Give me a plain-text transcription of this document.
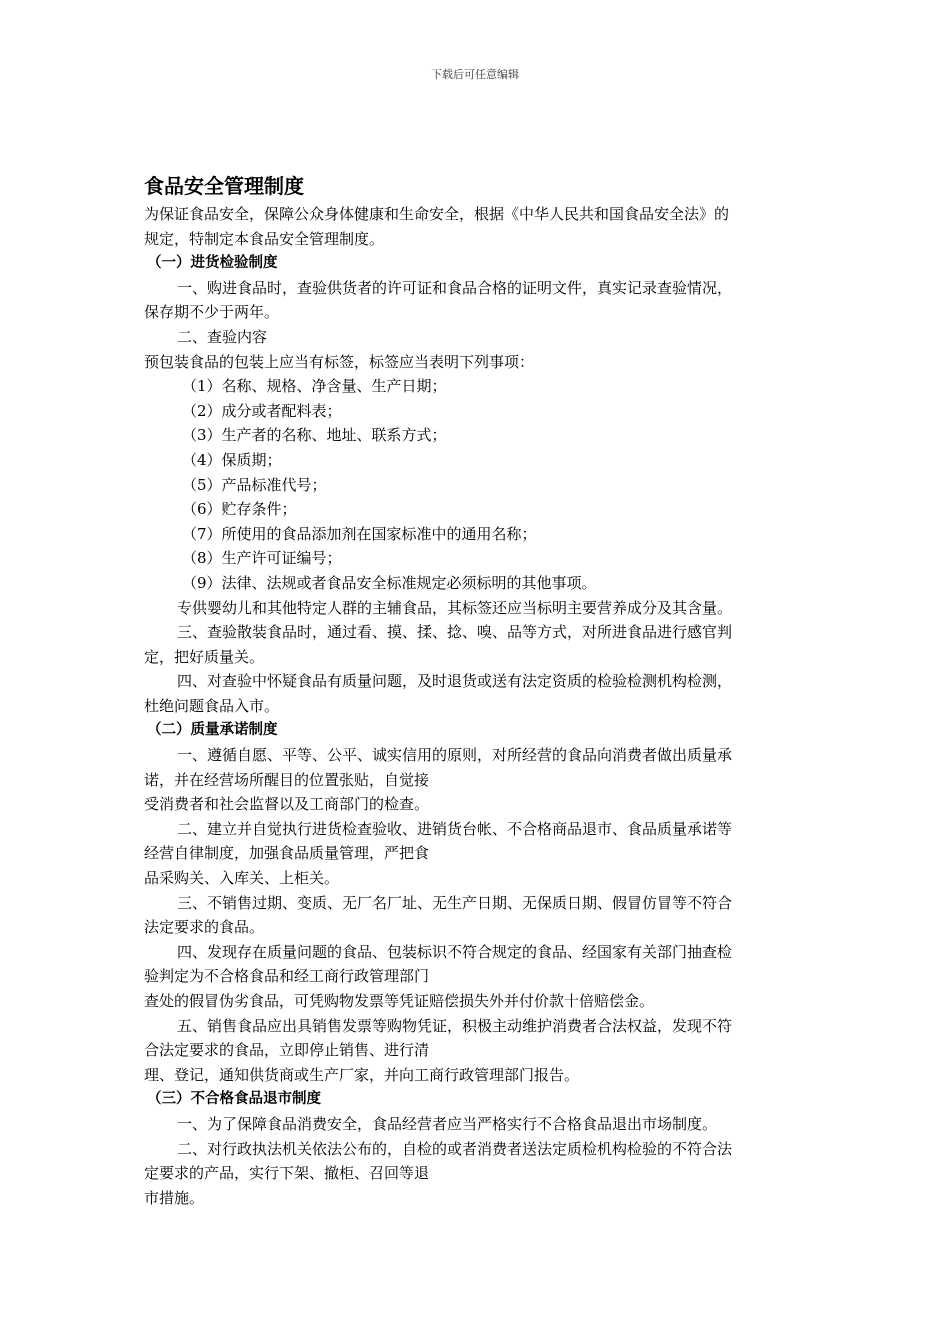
下载后可任意编辑
食品安全管理制度

为保证食品安全，保障公众身体健康和生命安全，根据《中华人民共和国食品安全法》的

规定，特制定本食品安全管理制度。

（一）进货检验制度

一、购进食品时，查验供货者的许可证和食品合格的证明文件，真实记录查验情况，

保存期不少于两年。

二、查验内容

预包装食品的包装上应当有标签，标签应当表明下列事项：

（1）名称、规格、净含量、生产日期；

（2）成分或者配料表；

（3）生产者的名称、地址、联系方式；

（4）保质期；

（5）产品标准代号；

（6）贮存条件；

（7）所使用的食品添加剂在国家标准中的通用名称；

（8）生产许可证编号；

（9）法律、法规或者食品安全标准规定必须标明的其他事项。

专供婴幼儿和其他特定人群的主辅食品，其标签还应当标明主要营养成分及其含量。

三、查验散装食品时，通过看、摸、揉、捻、嗅、品等方式，对所进食品进行感官判

定，把好质量关。

四、对查验中怀疑食品有质量问题，及时退货或送有法定资质的检验检测机构检测，

杜绝问题食品入市。

（二）质量承诺制度

一、遵循自愿、平等、公平、诚实信用的原则，对所经营的食品向消费者做出质量承

诺，并在经营场所醒目的位置张贴，自觉接

受消费者和社会监督以及工商部门的检查。

二、建立并自觉执行进货检查验收、进销货台帐、不合格商品退市、食品质量承诺等

经营自律制度，加强食品质量管理，严把食

品采购关、入库关、上柜关。

三、不销售过期、变质、无厂名厂址、无生产日期、无保质日期、假冒仿冒等不符合

法定要求的食品。

四、发现存在质量问题的食品、包装标识不符合规定的食品、经国家有关部门抽查检

验判定为不合格食品和经工商行政管理部门

查处的假冒伪劣食品，可凭购物发票等凭证赔偿损失外并付价款十倍赔偿金。

五、销售食品应出具销售发票等购物凭证，积极主动维护消费者合法权益，发现不符

合法定要求的食品，立即停止销售、进行清

理、登记，通知供货商或生产厂家，并向工商行政管理部门报告。

（三）不合格食品退市制度

一、为了保障食品消费安全，食品经营者应当严格实行不合格食品退出市场制度。

二、对行政执法机关依法公布的，自检的或者消费者送法定质检机构检验的不符合法

定要求的产品，实行下架、撤柜、召回等退

市措施。
